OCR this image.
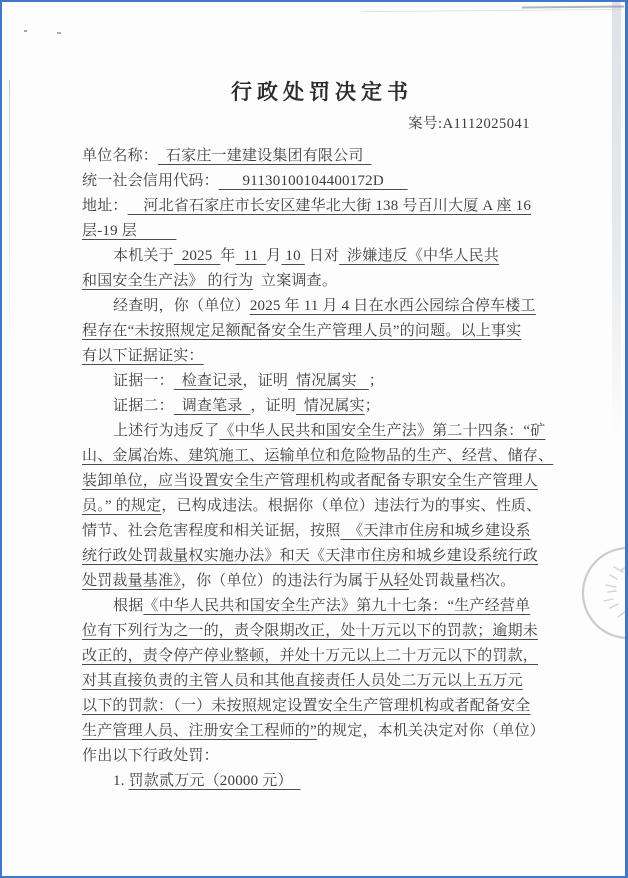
行政处罚决定书
案号:A1112025041
单位名称：  石家庄一建建设集团有限公司
统一社会信用代码：      91130100104400172D
地址：    河北省石家庄市长安区建华北大街 138 号百川大厦 A 座 16
层-19 层
本机关于  2025  年  11  月 10  日对  涉嫌违反《中华人民共
和国安全生产法》 的行为  立案调查。
经查明，你（单位）2025 年 11 月 4 日在水西公园综合停车楼工
程存在“未按照规定足额配备安全生产管理人员”的问题。以上事实
有以下证据证实：
证据一：  检查记录，证明  情况属实   ；
证据二：  调查笔录  ，证明  情况属实；
上述行为违反了《中华人民共和国安全生产法》第二十四条：“矿
山、金属冶炼、建筑施工、运输单位和危险物品的生产、经营、储存、
装卸单位，应当设置安全生产管理机构或者配备专职安全生产管理人
员。” 的规定，已构成违法。根据你（单位）违法行为的事实、性质、
情节、社会危害程度和相关证据，按照  《天津市住房和城乡建设系
统行政处罚裁量权实施办法》和天《天津市住房和城乡建设系统行政
处罚裁量基准》，你（单位）的违法行为属于从轻处罚裁量档次。
根据《中华人民共和国安全生产法》第九十七条：“生产经营单
位有下列行为之一的，责令限期改正，处十万元以下的罚款；逾期未
改正的，责令停产停业整顿，并处十万元以上二十万元以下的罚款，
对其直接负责的主管人员和其他直接责任人员处二万元以上五万元
以下的罚款：（一）未按照规定设置安全生产管理机构或者配备安全
生产管理人员、注册安全工程师的”的规定，本机关决定对你（单位）
作出以下行政处罚：
1. 罚款贰万元（20000 元）
